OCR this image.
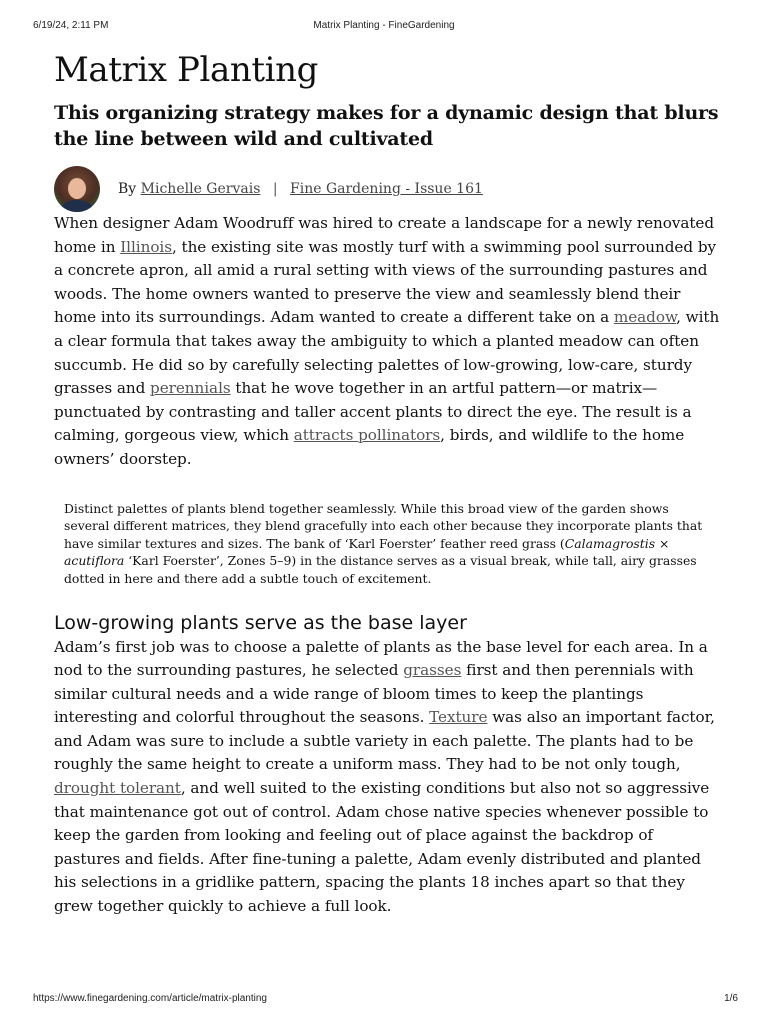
6/19/24, 2:11 PM	Matrix Planting - FineGardening
Matrix Planting
This organizing strategy makes for a dynamic design that blurs the line between wild and cultivated
By Michelle Gervais | Fine Gardening - Issue 161

When designer Adam Woodruff was hired to create a landscape for a newly renovated home in Illinois, the existing site was mostly turf with a swimming pool surrounded by a concrete apron, all amid a rural setting with views of the surrounding pastures and woods. The home owners wanted to preserve the view and seamlessly blend their home into its surroundings. Adam wanted to create a different take on a meadow, with a clear formula that takes away the ambiguity to which a planted meadow can often succumb. He did so by carefully selecting palettes of low-growing, low-care, sturdy grasses and perennials that he wove together in an artful pattern—or matrix—punctuated by contrasting and taller accent plants to direct the eye. The result is a calming, gorgeous view, which attracts pollinators, birds, and wildlife to the home owners’ doorstep.

Distinct palettes of plants blend together seamlessly. While this broad view of the garden shows several different matrices, they blend gracefully into each other because they incorporate plants that have similar textures and sizes. The bank of ‘Karl Foerster’ feather reed grass (Calamagrostis × acutiflora ‘Karl Foerster’, Zones 5–9) in the distance serves as a visual break, while tall, airy grasses dotted in here and there add a subtle touch of excitement.

Low-growing plants serve as the base layer

Adam’s first job was to choose a palette of plants as the base level for each area. In a nod to the surrounding pastures, he selected grasses first and then perennials with similar cultural needs and a wide range of bloom times to keep the plantings interesting and colorful throughout the seasons. Texture was also an important factor, and Adam was sure to include a subtle variety in each palette. The plants had to be roughly the same height to create a uniform mass. They had to be not only tough, drought tolerant, and well suited to the existing conditions but also not so aggressive that maintenance got out of control. Adam chose native species whenever possible to keep the garden from looking and feeling out of place against the backdrop of pastures and fields. After fine-tuning a palette, Adam evenly distributed and planted his selections in a gridlike pattern, spacing the plants 18 inches apart so that they grew together quickly to achieve a full look.

https://www.finegardening.com/article/matrix-planting	1/6
